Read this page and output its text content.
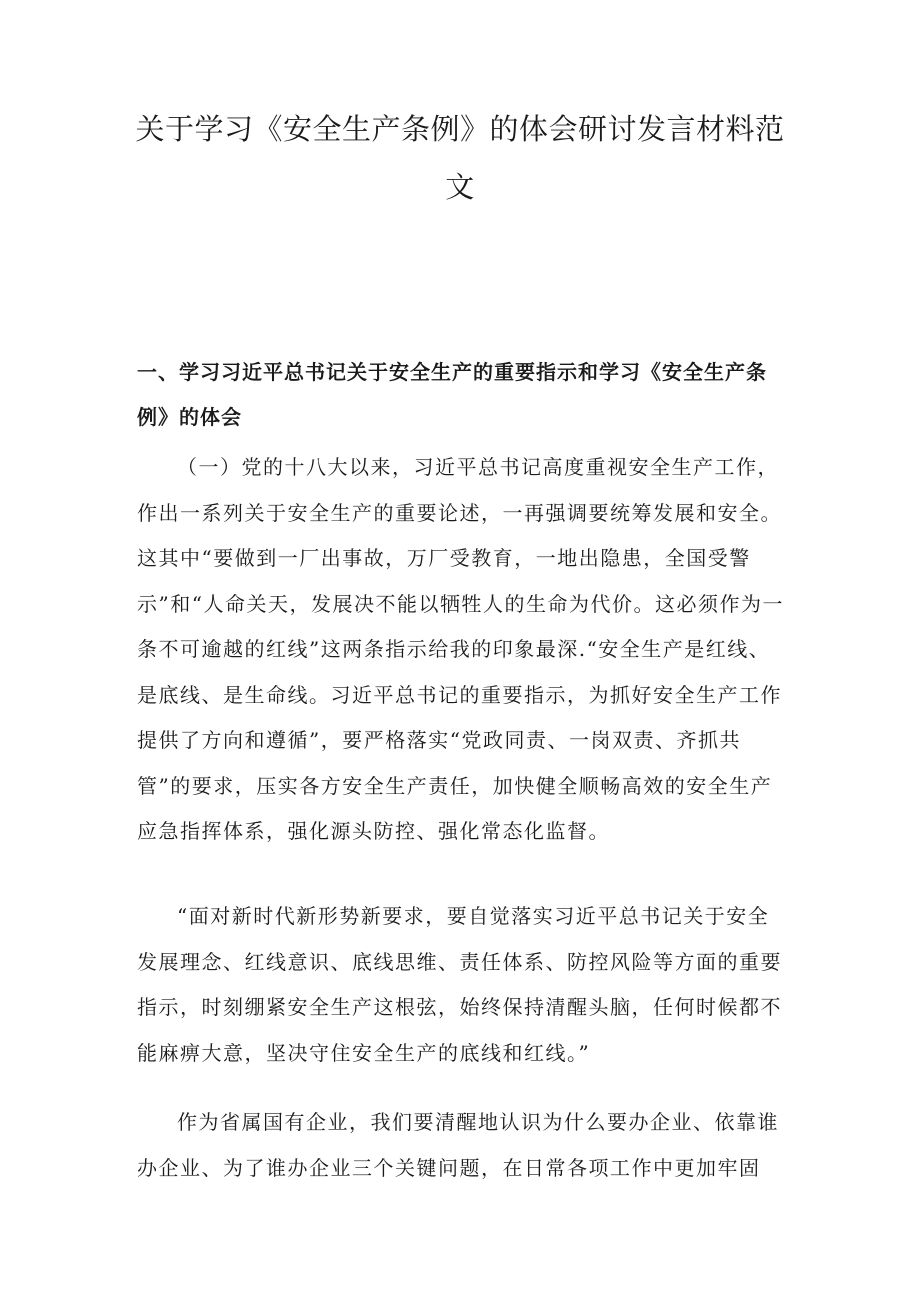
关于学习《安全生产条例》的体会研讨发言材料范文
一、学习习近平总书记关于安全生产的重要指示和学习《安全生产条例》的体会

（一）党的十八大以来，习近平总书记高度重视安全生产工作，作出一系列关于安全生产的重要论述，一再强调要统筹发展和安全。这其中“要做到一厂出事故，万厂受教育，一地出隐患，全国受警示”和“人命关天，发展决不能以牺牲人的生命为代价。这必须作为一条不可逾越的红线”这两条指示给我的印象最深.“安全生产是红线、是底线、是生命线。习近平总书记的重要指示，为抓好安全生产工作提供了方向和遵循”，要严格落实“党政同责、一岗双责、齐抓共管”的要求，压实各方安全生产责任，加快健全顺畅高效的安全生产应急指挥体系，强化源头防控、强化常态化监督。

“面对新时代新形势新要求，要自觉落实习近平总书记关于安全发展理念、红线意识、底线思维、责任体系、防控风险等方面的重要指示，时刻绷紧安全生产这根弦，始终保持清醒头脑，任何时候都不能麻痹大意，坚决守住安全生产的底线和红线。”

作为省属国有企业，我们要清醒地认识为什么要办企业、依靠谁办企业、为了谁办企业三个关键问题，在日常各项工作中更加牢固
